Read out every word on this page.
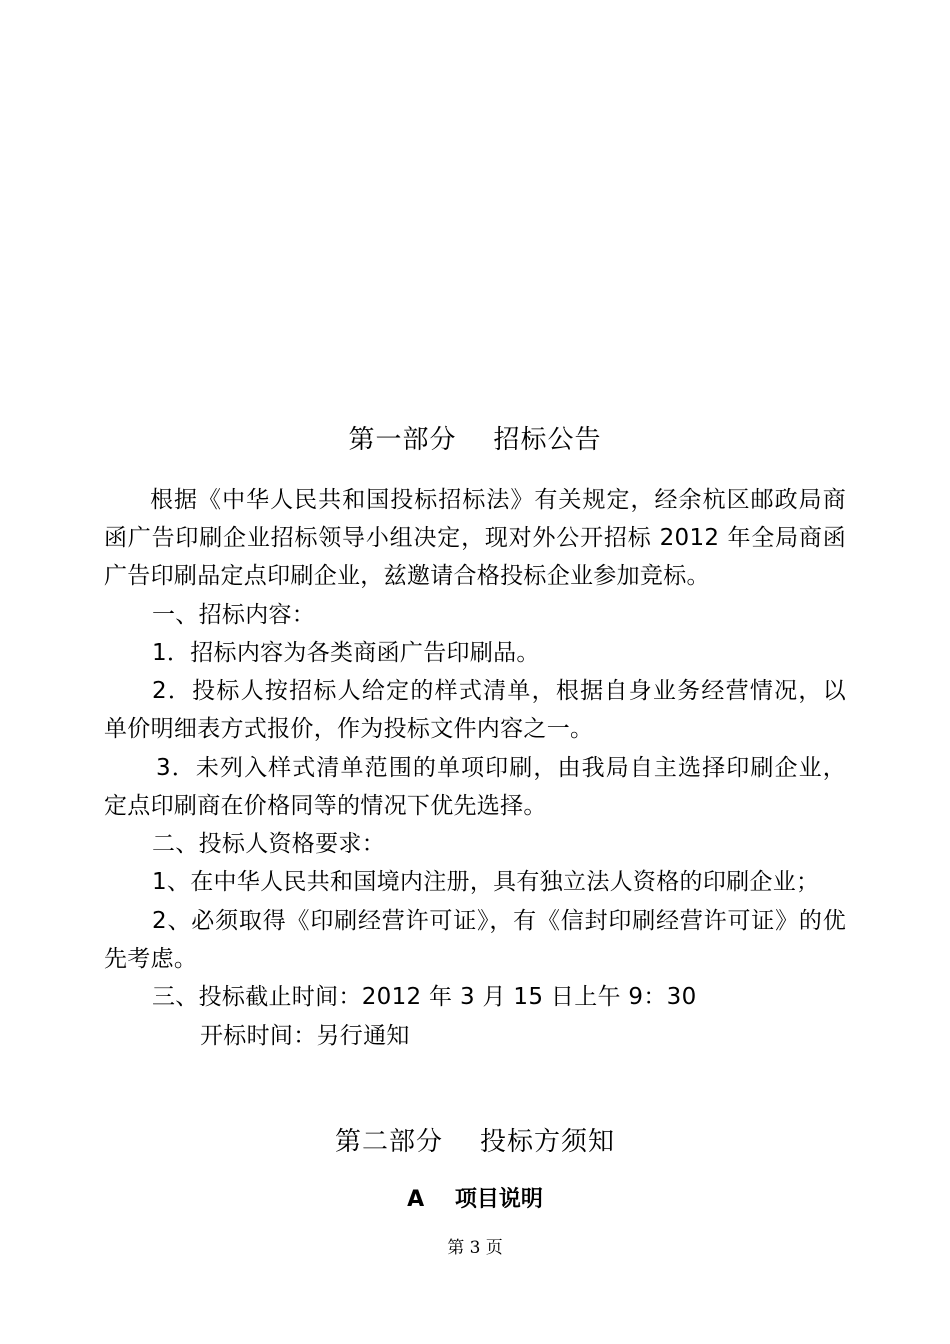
第一部分    招标公告
根据《中华人民共和国投标招标法》有关规定，经余杭区邮政局商
函广告印刷企业招标领导小组决定，现对外公开招标 2012 年全局商函
广告印刷品定点印刷企业，兹邀请合格投标企业参加竞标。
一、招标内容：
1．招标内容为各类商函广告印刷品。
2．投标人按招标人给定的样式清单，根据自身业务经营情况，以
单价明细表方式报价，作为投标文件内容之一。
3．未列入样式清单范围的单项印刷，由我局自主选择印刷企业，
定点印刷商在价格同等的情况下优先选择。
二、投标人资格要求：
1、在中华人民共和国境内注册，具有独立法人资格的印刷企业；
2、必须取得《印刷经营许可证》，有《信封印刷经营许可证》的优
先考虑。
三、投标截止时间：2012 年 3 月 15 日上午 9：30
开标时间：另行通知
第二部分    投标方须知
A    项目说明
第 3 页
